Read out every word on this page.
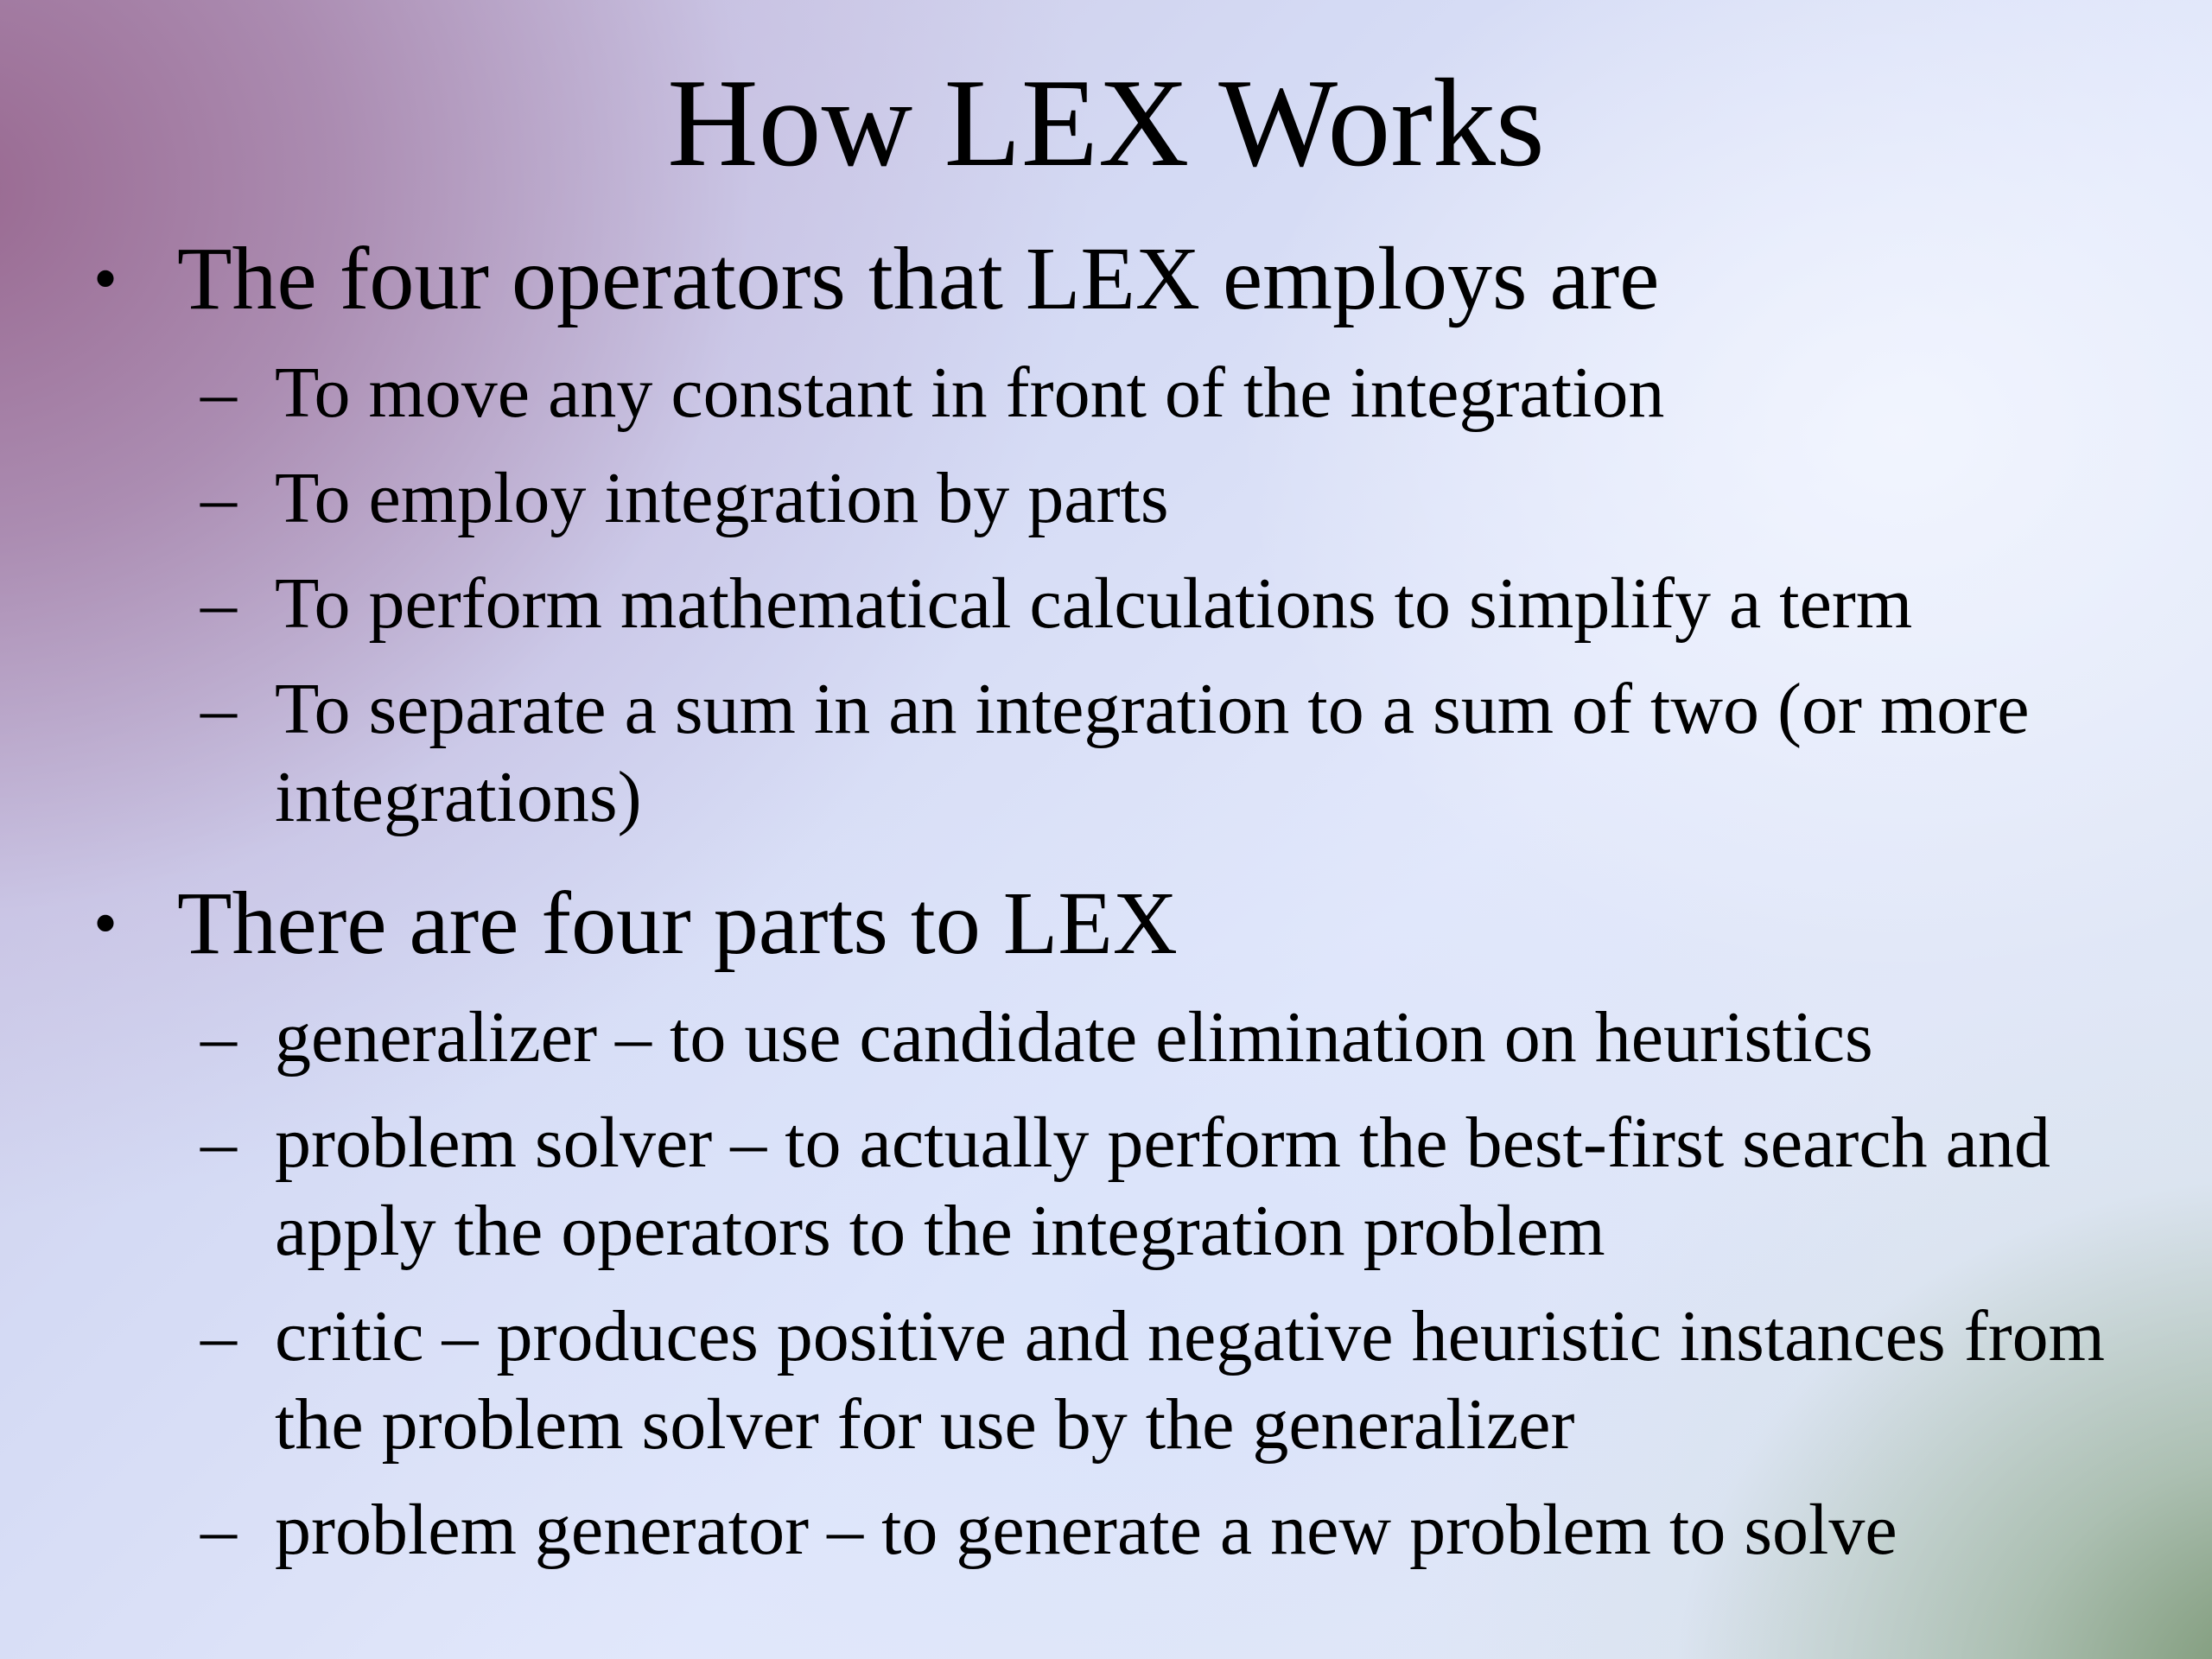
How LEX Works

• The four operators that LEX employs are

– To move any constant in front of the integration

– To employ integration by parts

– To perform mathematical calculations to simplify a term

– To separate a sum in an integration to a sum of two (or more integrations)

• There are four parts to LEX

– generalizer – to use candidate elimination on heuristics

– problem solver – to actually perform the best-first search and apply the operators to the integration problem

– critic – produces positive and negative heuristic instances from the problem solver for use by the generalizer

– problem generator – to generate a new problem to solve
